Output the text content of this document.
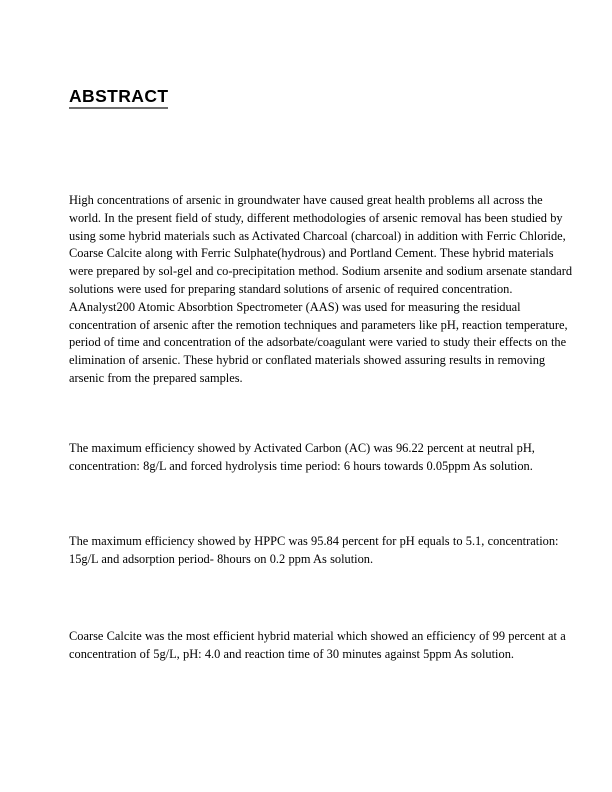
ABSTRACT

High concentrations of arsenic in groundwater have caused great health problems all across the world. In the present field of study, different methodologies of arsenic removal has been studied by using some hybrid materials such as Activated Charcoal (charcoal) in addition with Ferric Chloride, Coarse Calcite along with Ferric Sulphate(hydrous) and Portland Cement. These hybrid materials were prepared by sol-gel and co-precipitation method. Sodium arsenite and sodium arsenate standard solutions were used for preparing standard solutions of arsenic of required concentration. AAnalyst200 Atomic Absorbtion Spectrometer (AAS) was used for measuring the residual concentration of arsenic after the remotion techniques and parameters like pH, reaction temperature, period of time and concentration of the adsorbate/coagulant were varied to study their effects on the elimination of arsenic. These hybrid or conflated materials showed assuring results in removing arsenic from the prepared samples.

The maximum efficiency showed by Activated Carbon (AC) was 96.22 percent at neutral pH, concentration: 8g/L and forced hydrolysis time period: 6 hours towards 0.05ppm As solution.

The maximum efficiency showed by HPPC was 95.84 percent for pH equals to 5.1, concentration: 15g/L and adsorption period- 8hours on 0.2 ppm As solution.

Coarse Calcite was the most efficient hybrid material which showed an efficiency of 99 percent at a concentration of 5g/L, pH: 4.0 and reaction time of 30 minutes against 5ppm As solution.
